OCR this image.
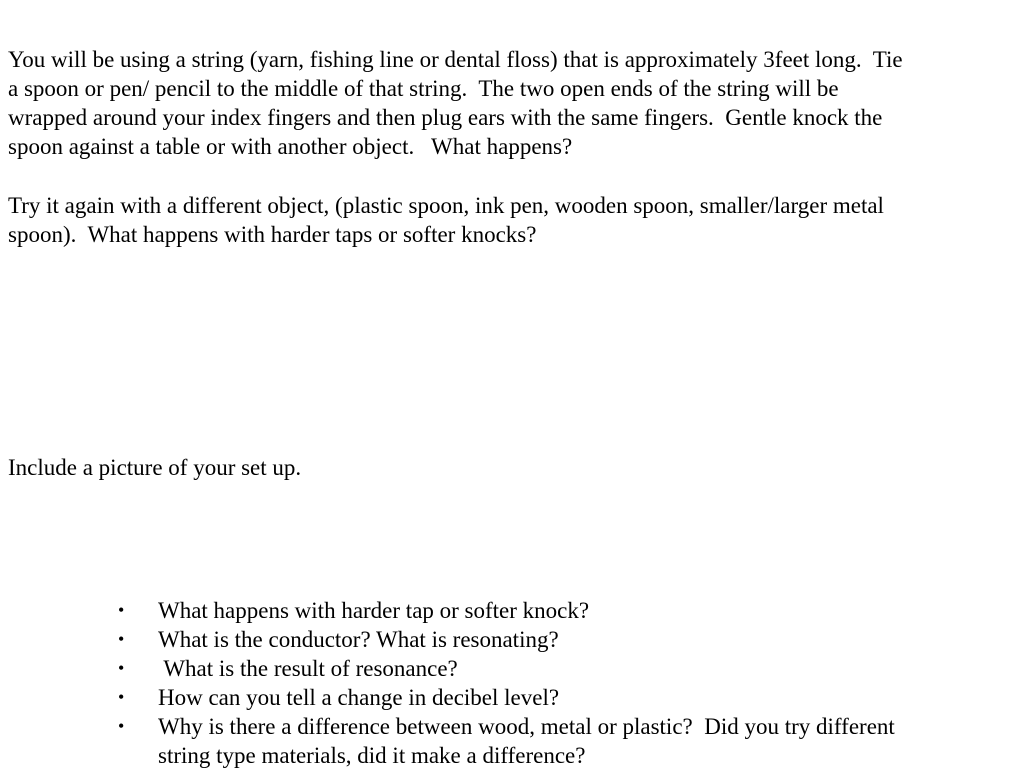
You will be using a string (yarn, fishing line or dental floss) that is approximately 3feet long.  Tie
a spoon or pen/ pencil to the middle of that string.  The two open ends of the string will be
wrapped around your index fingers and then plug ears with the same fingers.  Gentle knock the
spoon against a table or with another object.   What happens?

Try it again with a different object, (plastic spoon, ink pen, wooden spoon, smaller/larger metal
spoon).  What happens with harder taps or softer knocks?

Include a picture of your set up.

•	What happens with harder tap or softer knock?
•	What is the conductor? What is resonating?
•	What is the result of resonance?
•	How can you tell a change in decibel level?
•	Why is there a difference between wood, metal or plastic?  Did you try different
string type materials, did it make a difference?
